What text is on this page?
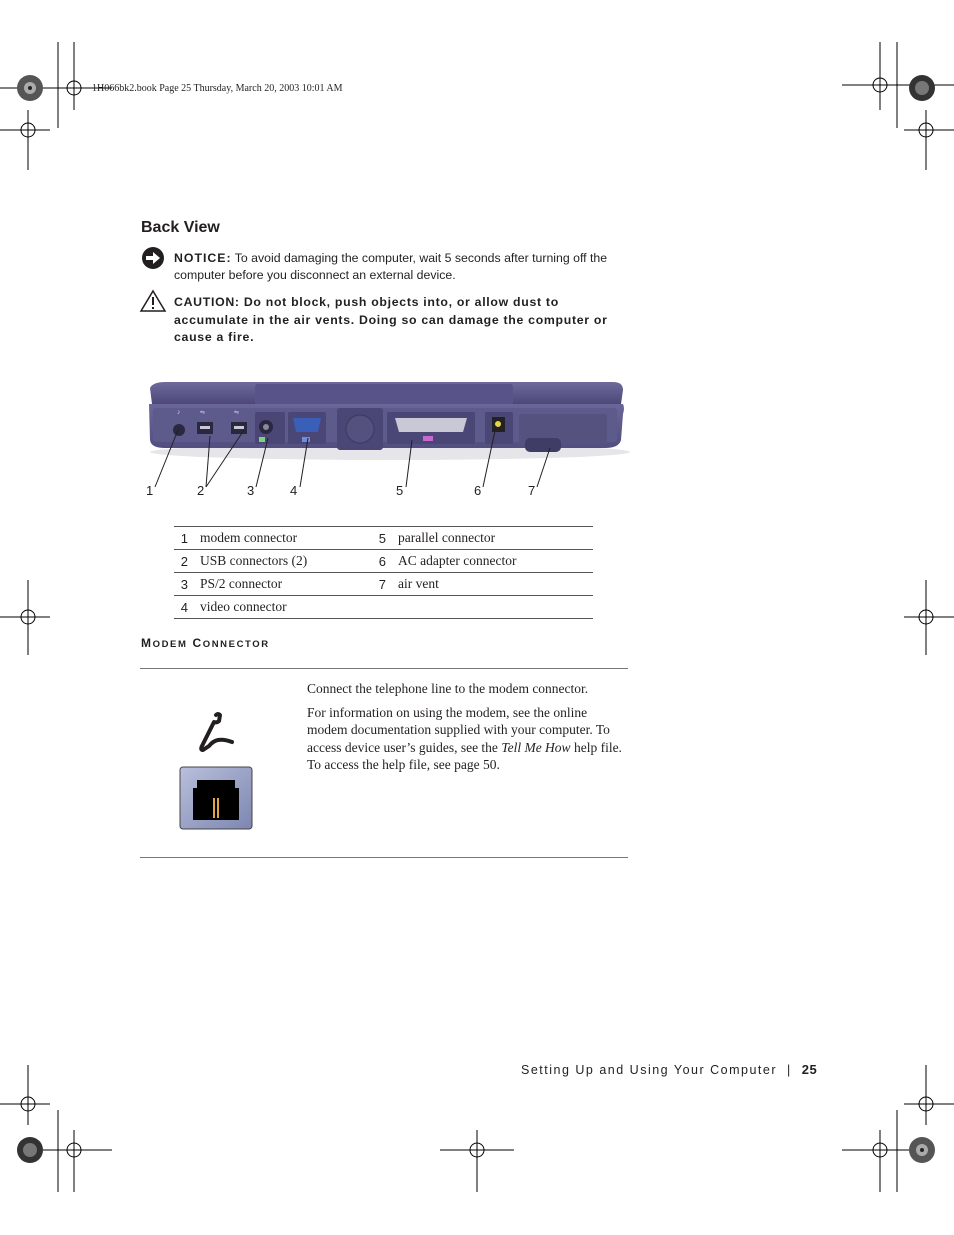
1H066bk2.book Page 25 Thursday, March 20, 2003 10:01 AM
Back View
NOTICE: To avoid damaging the computer, wait 5 seconds after turning off the computer before you disconnect an external device.
CAUTION: Do not block, push objects into, or allow dust to accumulate in the air vents. Doing so can damage the computer or cause a fire.
♪	⇋	⇋
1	2	3	4	5	6	7
1	modem connector	5	parallel connector
2	USB connectors (2)	6	AC adapter connector
3	PS/2 connector	7	air vent
4	video connector		
MODEM CONNECTOR

Connect the telephone line to the modem connector.

For information on using the modem, see the online modem documentation supplied with your computer. To access device user’s guides, see the Tell Me How help file. To access the help file, see page 50.

Setting Up and Using Your Computer | 25
